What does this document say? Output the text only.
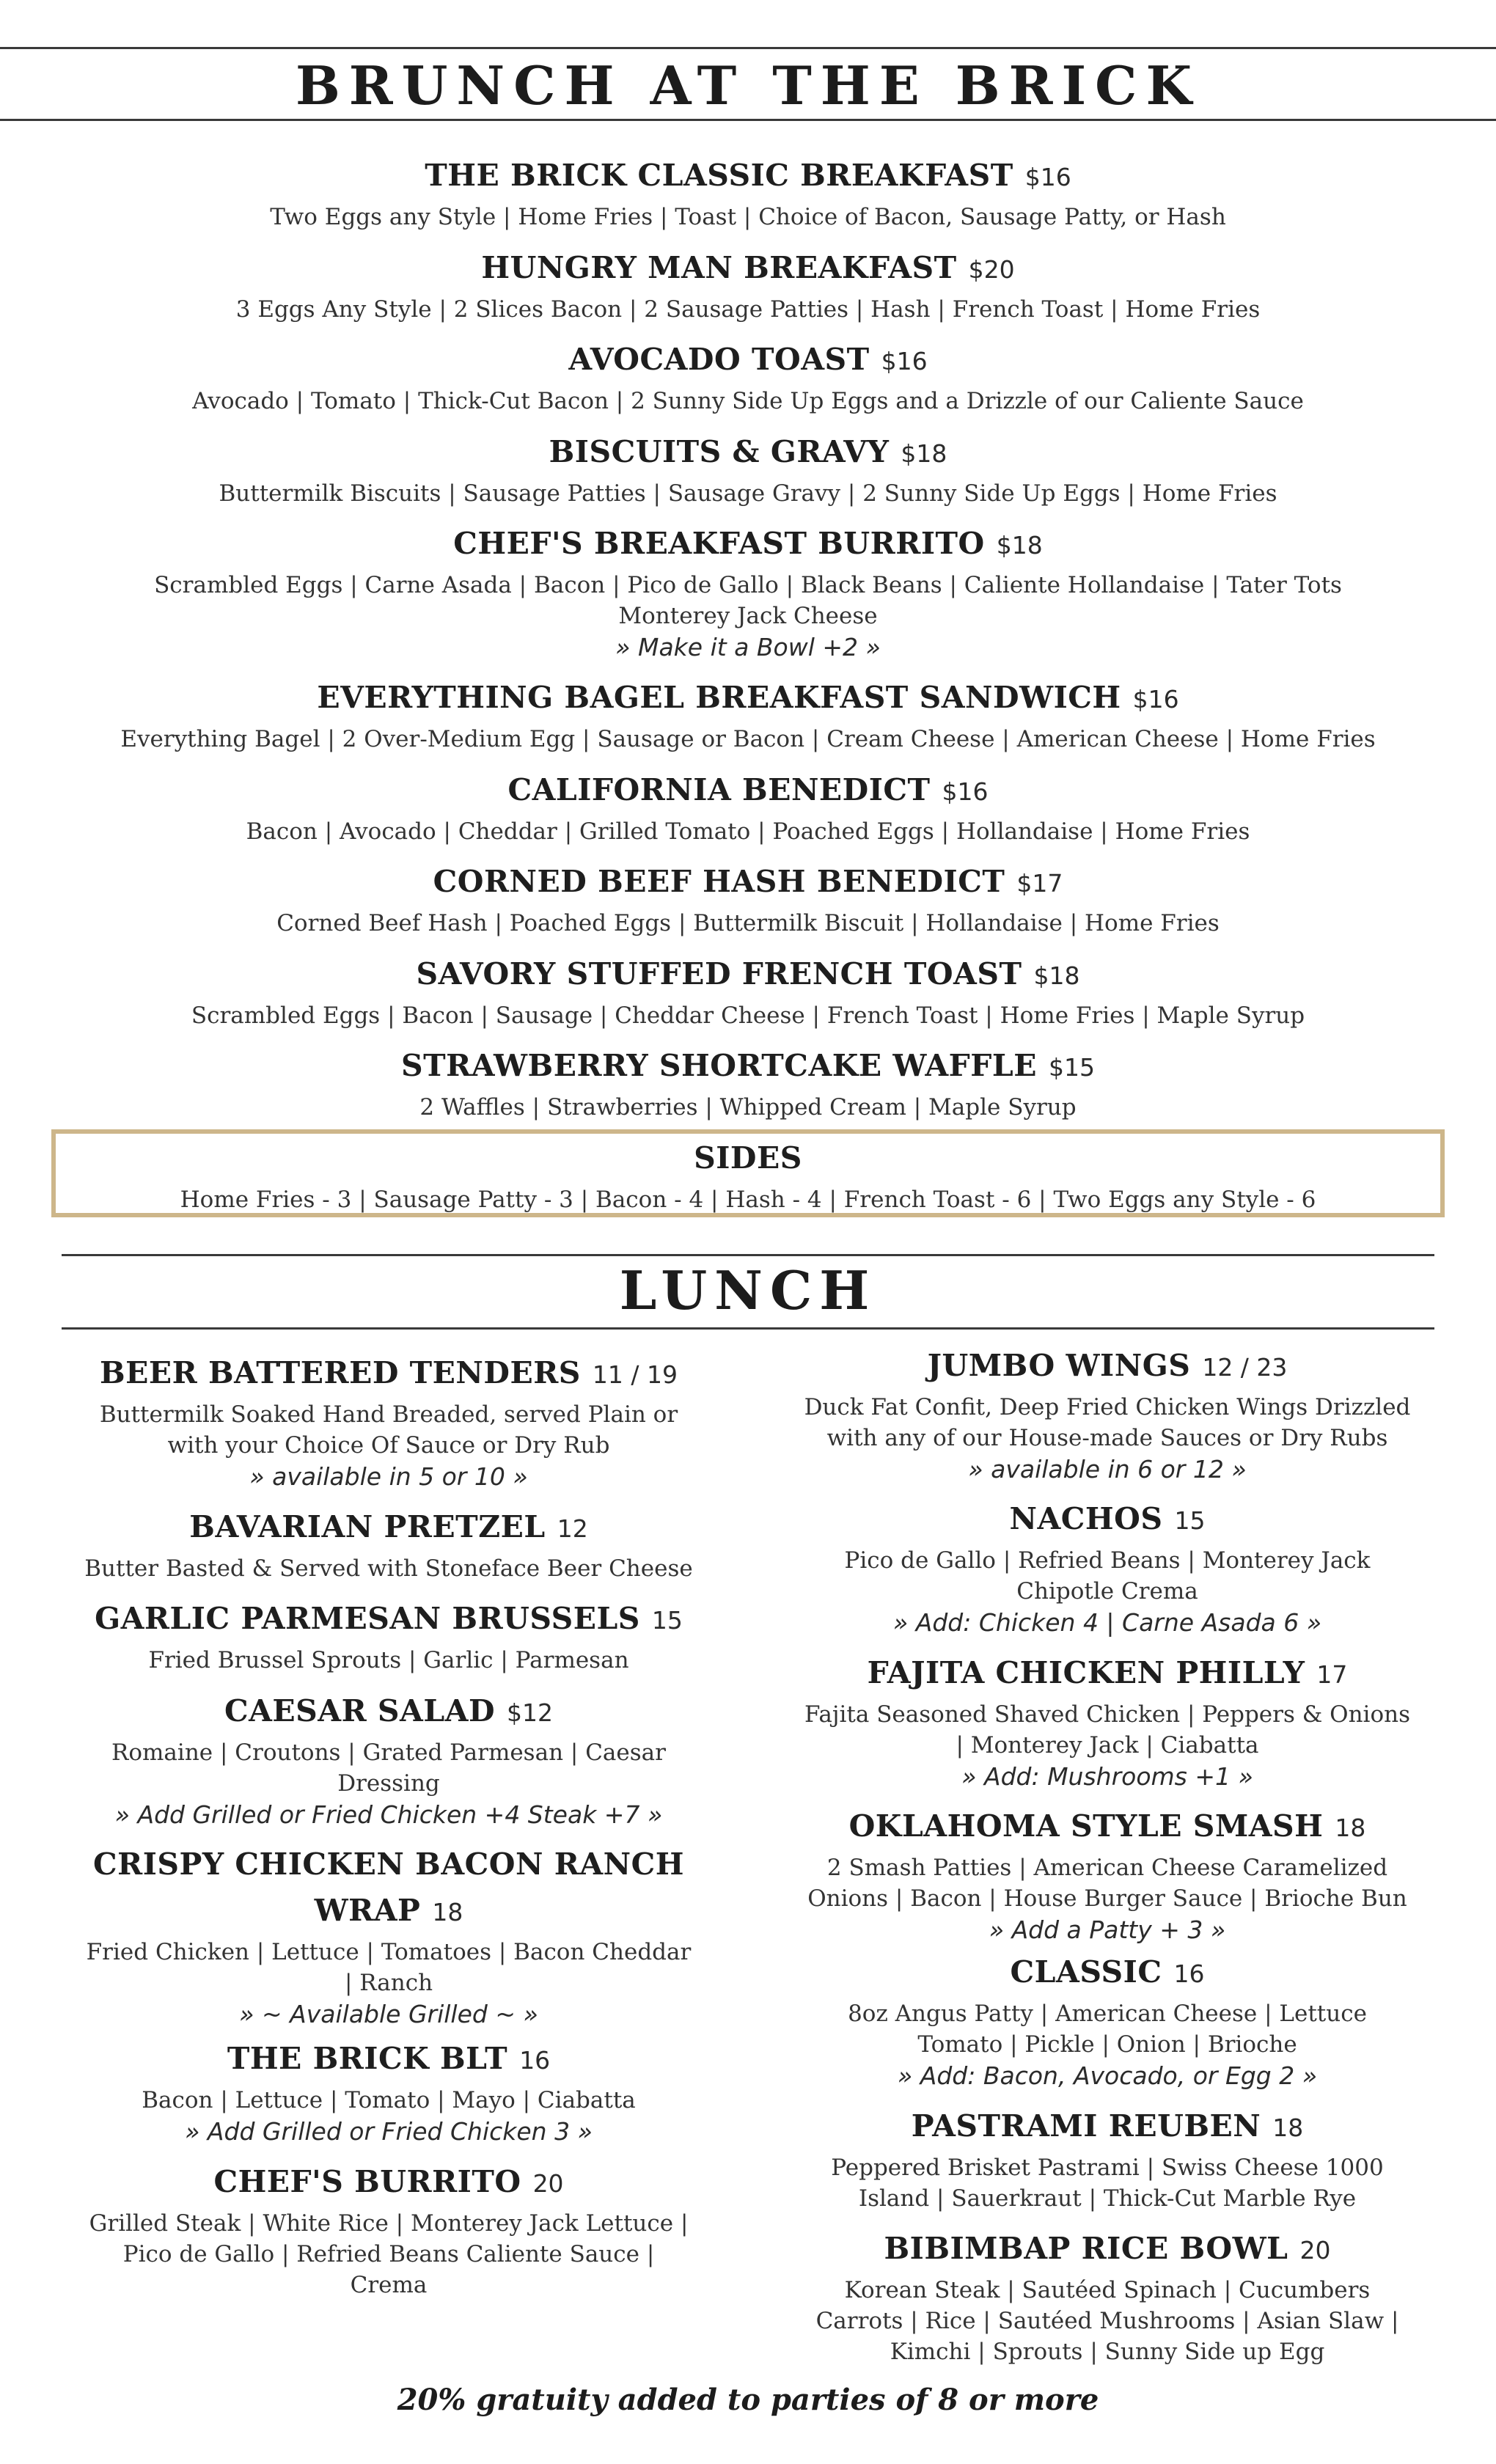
BRUNCH AT THE BRICK
THE BRICK CLASSIC BREAKFAST $16
Two Eggs any Style | Home Fries | Toast | Choice of Bacon, Sausage Patty, or Hash
HUNGRY MAN BREAKFAST $20
3 Eggs Any Style | 2 Slices Bacon | 2 Sausage Patties | Hash | French Toast | Home Fries
AVOCADO TOAST $16
Avocado | Tomato | Thick-Cut Bacon | 2 Sunny Side Up Eggs and a Drizzle of our Caliente Sauce
BISCUITS & GRAVY $18
Buttermilk Biscuits | Sausage Patties | Sausage Gravy | 2 Sunny Side Up Eggs | Home Fries
CHEF'S BREAKFAST BURRITO $18
Scrambled Eggs | Carne Asada | Bacon | Pico de Gallo | Black Beans | Caliente Hollandaise | Tater Tots
Monterey Jack Cheese
» Make it a Bowl +2 »
EVERYTHING BAGEL BREAKFAST SANDWICH $16
Everything Bagel | 2 Over-Medium Egg | Sausage or Bacon | Cream Cheese | American Cheese | Home Fries
CALIFORNIA BENEDICT $16
Bacon | Avocado | Cheddar | Grilled Tomato | Poached Eggs | Hollandaise | Home Fries
CORNED BEEF HASH BENEDICT $17
Corned Beef Hash | Poached Eggs | Buttermilk Biscuit | Hollandaise | Home Fries
SAVORY STUFFED FRENCH TOAST $18
Scrambled Eggs | Bacon | Sausage | Cheddar Cheese | French Toast | Home Fries | Maple Syrup
STRAWBERRY SHORTCAKE WAFFLE $15
2 Waffles | Strawberries | Whipped Cream | Maple Syrup
SIDES
Home Fries - 3 | Sausage Patty - 3 | Bacon - 4 | Hash - 4 | French Toast - 6 | Two Eggs any Style - 6
LUNCH
BEER BATTERED TENDERS 11 / 19
Buttermilk Soaked Hand Breaded, served Plain or
with your Choice Of Sauce or Dry Rub
» available in 5 or 10 »
BAVARIAN PRETZEL 12
Butter Basted & Served with Stoneface Beer Cheese
GARLIC PARMESAN BRUSSELS 15
Fried Brussel Sprouts | Garlic | Parmesan
CAESAR SALAD $12
Romaine | Croutons | Grated Parmesan | Caesar
Dressing
» Add Grilled or Fried Chicken +4 Steak +7 »
CRISPY CHICKEN BACON RANCH WRAP 18
Fried Chicken | Lettuce | Tomatoes | Bacon Cheddar
| Ranch
» ~ Available Grilled ~ »
THE BRICK BLT 16
Bacon | Lettuce | Tomato | Mayo | Ciabatta
» Add Grilled or Fried Chicken 3 »
CHEF'S BURRITO 20
Grilled Steak | White Rice | Monterey Jack Lettuce |
Pico de Gallo | Refried Beans Caliente Sauce |
Crema
JUMBO WINGS 12 / 23
Duck Fat Confit, Deep Fried Chicken Wings Drizzled
with any of our House-made Sauces or Dry Rubs
» available in 6 or 12 »
NACHOS 15
Pico de Gallo | Refried Beans | Monterey Jack
Chipotle Crema
» Add: Chicken 4 | Carne Asada 6 »
FAJITA CHICKEN PHILLY 17
Fajita Seasoned Shaved Chicken | Peppers & Onions
| Monterey Jack | Ciabatta
» Add: Mushrooms +1 »
OKLAHOMA STYLE SMASH 18
2 Smash Patties | American Cheese Caramelized
Onions | Bacon | House Burger Sauce | Brioche Bun
» Add a Patty + 3 »
CLASSIC 16
8oz Angus Patty | American Cheese | Lettuce
Tomato | Pickle | Onion | Brioche
» Add: Bacon, Avocado, or Egg 2 »
PASTRAMI REUBEN 18
Peppered Brisket Pastrami | Swiss Cheese 1000
Island | Sauerkraut | Thick-Cut Marble Rye
BIBIMBAP RICE BOWL 20
Korean Steak | Sautéed Spinach | Cucumbers
Carrots | Rice | Sautéed Mushrooms | Asian Slaw |
Kimchi | Sprouts | Sunny Side up Egg
20% gratuity added to parties of 8 or more
